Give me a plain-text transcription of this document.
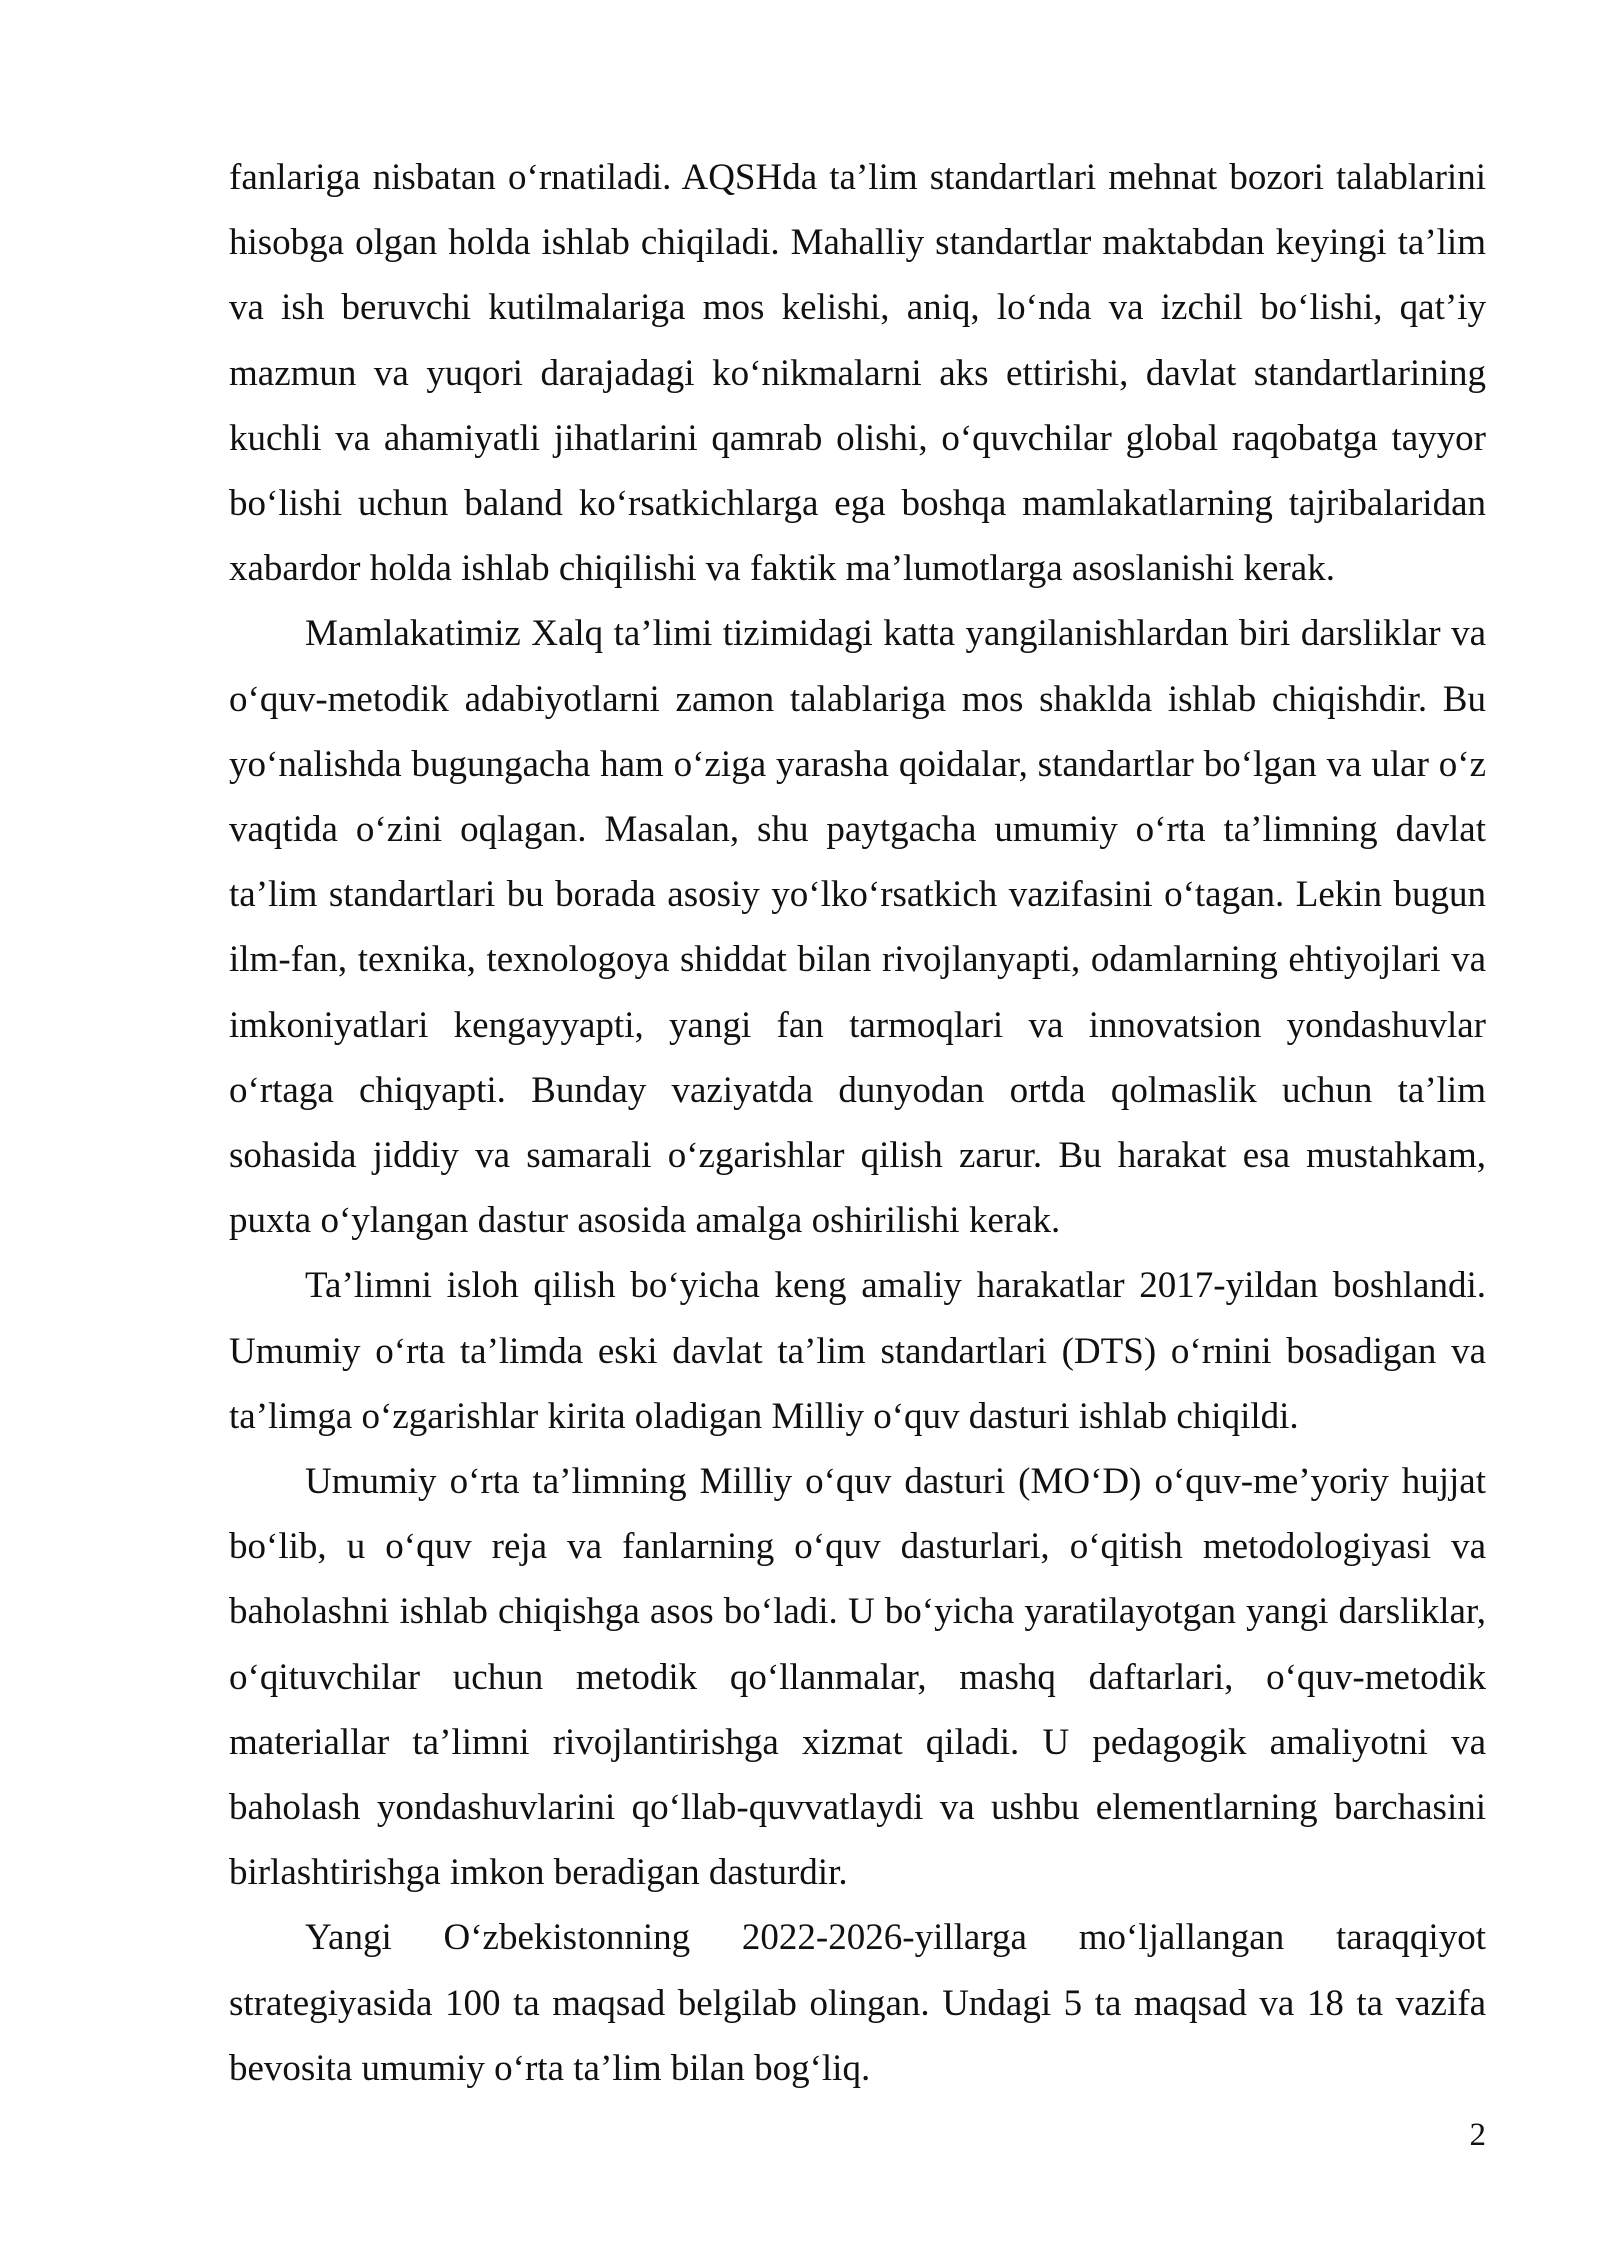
fanlariga nisbatan oʻrnatiladi. AQSHda taʼlim standartlari mehnat bozori talablarini hisobga olgan holda ishlab chiqiladi. Mahalliy standartlar maktabdan keyingi taʼlim va ish beruvchi kutilmalariga mos kelishi, aniq, loʻnda va izchil boʻlishi, qatʼiy mazmun va yuqori darajadagi koʻnikmalarni aks ettirishi, davlat standartlarining kuchli va ahamiyatli jihatlarini qamrab olishi, oʻquvchilar global raqobatga tayyor boʻlishi uchun baland koʻrsatkichlarga ega boshqa mamlakatlarning tajribalaridan xabardor holda ishlab chiqilishi va faktik maʼlumotlarga asoslanishi kerak.

Mamlakatimiz Xalq taʼlimi tizimidagi katta yangilanishlardan biri darsliklar va oʻquv-metodik adabiyotlarni zamon talablariga mos shaklda ishlab chiqishdir. Bu yoʻnalishda bugungacha ham oʻziga yarasha qoidalar, standartlar boʻlgan va ular oʻz vaqtida oʻzini oqlagan. Masalan, shu paytgacha umumiy oʻrta taʼlimning davlat taʼlim standartlari bu borada asosiy yoʻlkoʻrsatkich vazifasini oʻtagan. Lekin bugun ilm-fan, texnika, texnologoya shiddat bilan rivojlanyapti, odamlarning ehtiyojlari va imkoniyatlari kengayyapti, yangi fan tarmoqlari va innovatsion yondashuvlar oʻrtaga chiqyapti. Bunday vaziyatda dunyodan ortda qolmaslik uchun taʼlim sohasida jiddiy va samarali oʻzgarishlar qilish zarur. Bu harakat esa mustahkam, puxta oʻylangan dastur asosida amalga oshirilishi kerak.

Taʼlimni isloh qilish boʻyicha keng amaliy harakatlar 2017-yildan boshlandi. Umumiy oʻrta taʼlimda eski davlat taʼlim standartlari (DTS) oʻrnini bosadigan va taʼlimga oʻzgarishlar kirita oladigan Milliy oʻquv dasturi ishlab chiqildi.

Umumiy oʻrta taʼlimning Milliy oʻquv dasturi (MOʻD) oʻquv-meʼyoriy hujjat boʻlib, u oʻquv reja va fanlarning oʻquv dasturlari, oʻqitish metodologiyasi va baholashni ishlab chiqishga asos boʻladi. U boʻyicha yaratilayotgan yangi darsliklar, oʻqituvchilar uchun metodik qoʻllanmalar, mashq daftarlari, oʻquv-metodik materiallar taʼlimni rivojlantirishga xizmat qiladi. U pedagogik amaliyotni va baholash yondashuvlarini qoʻllab-quvvatlaydi va ushbu elementlarning barchasini birlashtirishga imkon beradigan dasturdir.

Yangi Oʻzbekistonning 2022-2026-yillarga moʻljallangan taraqqiyot strategiyasida 100 ta maqsad belgilab olingan. Undagi 5 ta maqsad va 18 ta vazifa bevosita umumiy oʻrta taʼlim bilan bogʻliq.

2
